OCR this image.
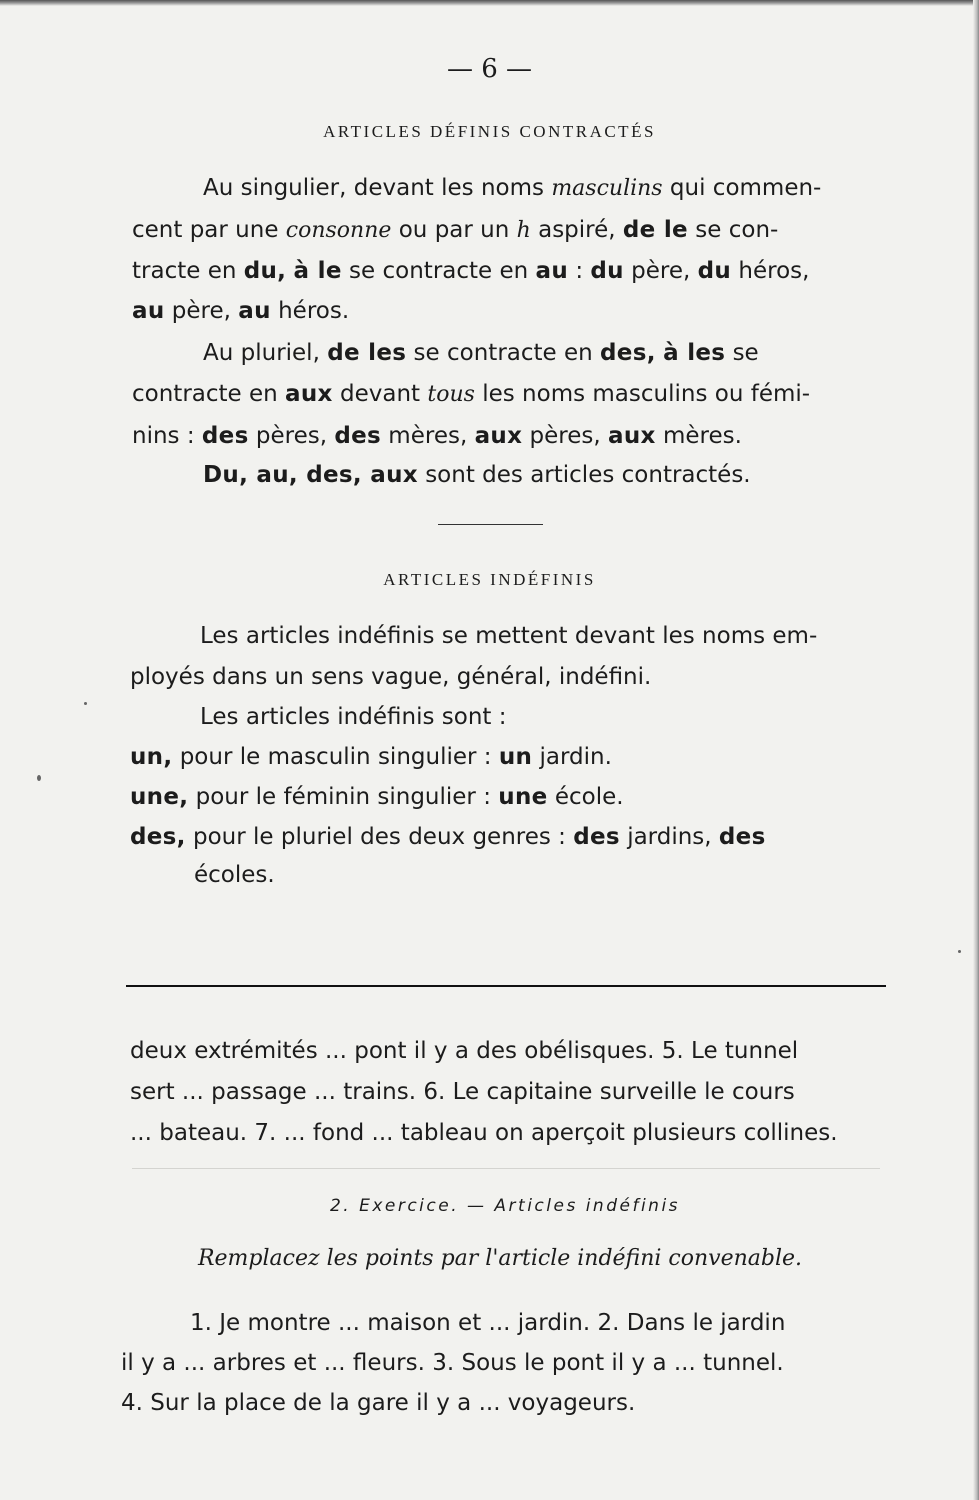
— 6 —
ARTICLES DÉFINIS CONTRACTÉS
Au singulier, devant les noms masculins qui commen-
cent par une consonne ou par un h aspiré, de le se con-
tracte en du, à le se contracte en au : du père, du héros,
au père, au héros.
Au pluriel, de les se contracte en des, à les se
contracte en aux devant tous les noms masculins ou fémi-
nins : des pères, des mères, aux pères, aux mères.
Du, au, des, aux sont des articles contractés.
ARTICLES INDÉFINIS
Les articles indéfinis se mettent devant les noms em-
ployés dans un sens vague, général, indéfini.
Les articles indéfinis sont :
un, pour le masculin singulier : un jardin.
une, pour le féminin singulier : une école.
des, pour le pluriel des deux genres : des jardins, des
écoles.
deux extrémités ... pont il y a des obélisques. 5. Le tunnel
sert ... passage ... trains. 6. Le capitaine surveille le cours
... bateau. 7. ... fond ... tableau on aperçoit plusieurs collines.
2. Exercice. — Articles indéfinis
Remplacez les points par l'article indéfini convenable.
1. Je montre ... maison et ... jardin. 2. Dans le jardin
il y a ... arbres et ... fleurs. 3. Sous le pont il y a ... tunnel.
4. Sur la place de la gare il y a ... voyageurs.
